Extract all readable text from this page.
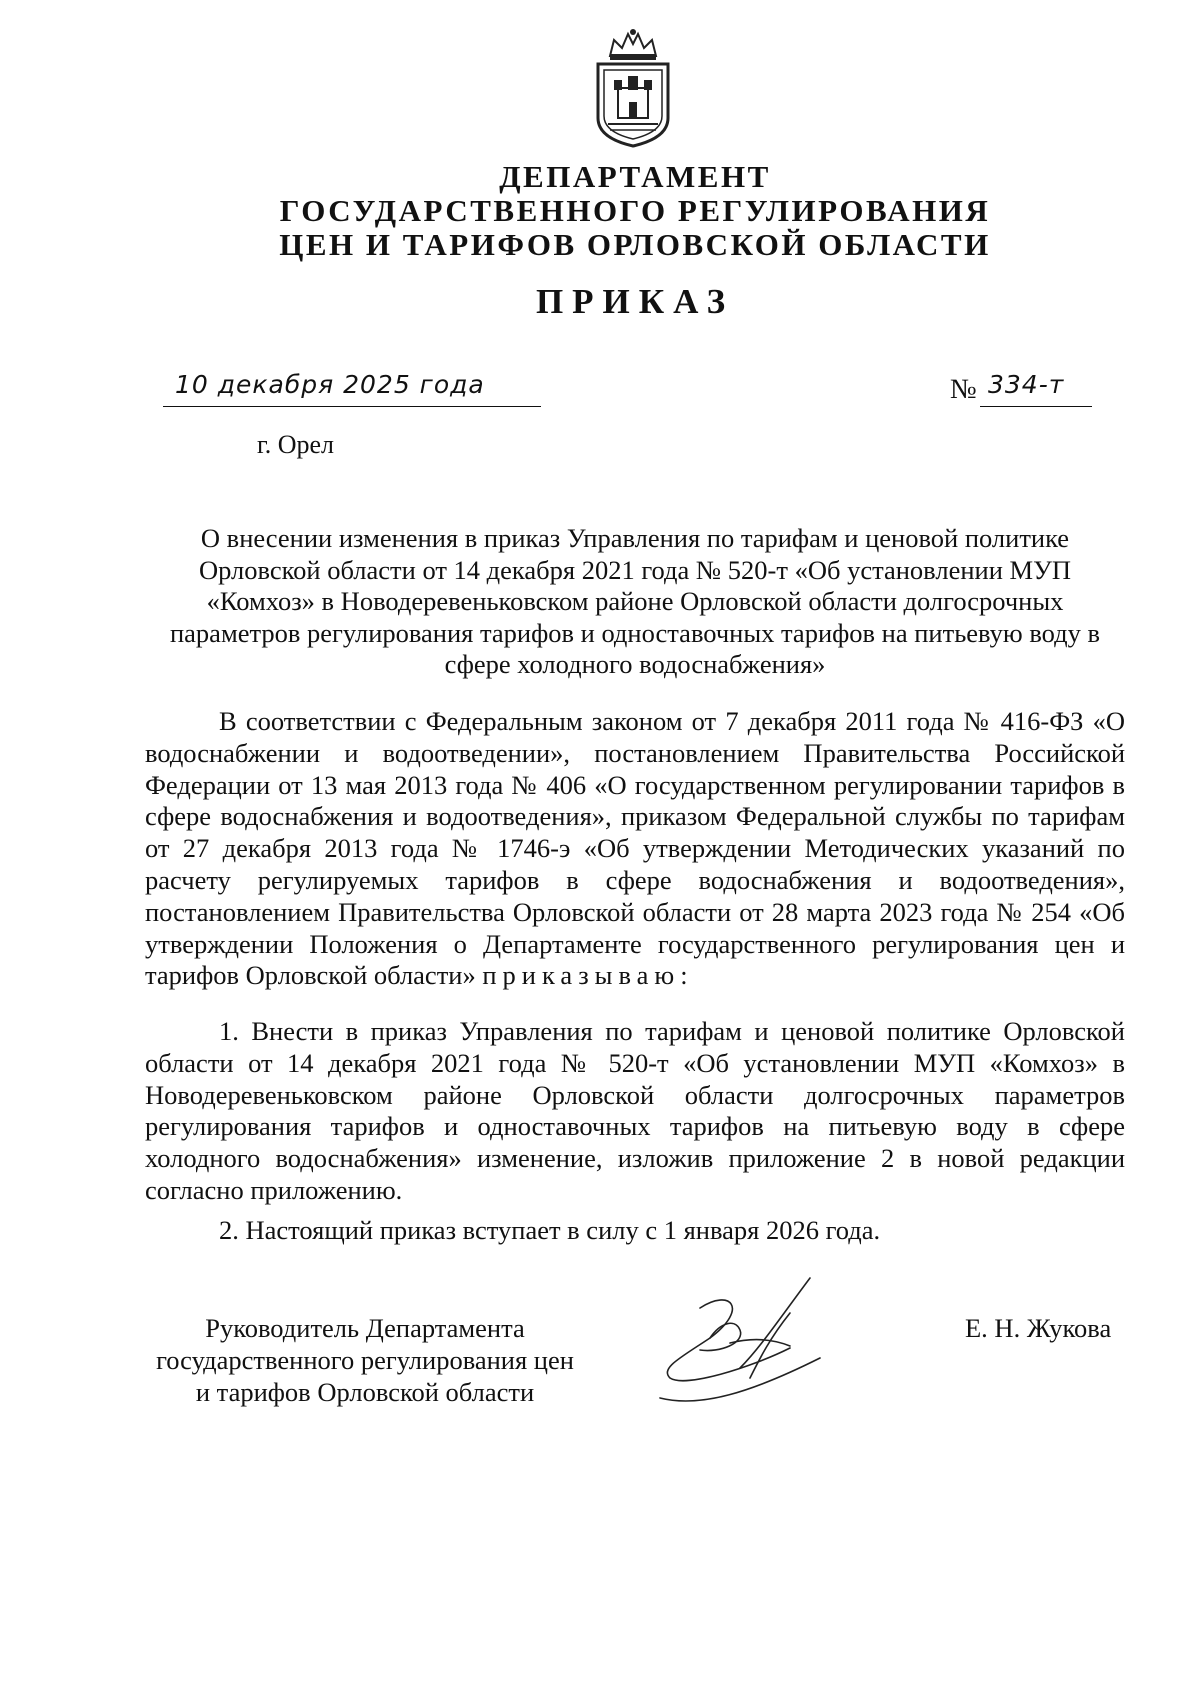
ДЕПАРТАМЕНТ
ГОСУДАРСТВЕННОГО РЕГУЛИРОВАНИЯ
ЦЕН И ТАРИФОВ ОРЛОВСКОЙ ОБЛАСТИ
ПРИКАЗ
10 декабря 2025 года	№ 334-т
г. Орел
О внесении изменения в приказ Управления по тарифам и ценовой политике Орловской области от 14 декабря 2021 года № 520-т «Об установлении МУП «Комхоз» в Новодеревеньковском районе Орловской области долгосрочных параметров регулирования тарифов и одноставочных тарифов на питьевую воду в сфере холодного водоснабжения»

В соответствии с Федеральным законом от 7 декабря 2011 года № 416-ФЗ «О водоснабжении и водоотведении», постановлением Правительства Российской Федерации от 13 мая 2013 года № 406 «О государственном регулировании тарифов в сфере водоснабжения и водоотведения», приказом Федеральной службы по тарифам от 27 декабря 2013 года № 1746-э «Об утверждении Методических указаний по расчету регулируемых тарифов в сфере водоснабжения и водоотведения», постановлением Правительства Орловской области от 28 марта 2023 года № 254 «Об утверждении Положения о Департаменте государственного регулирования цен и тарифов Орловской области» приказываю:

1. Внести в приказ Управления по тарифам и ценовой политике Орловской области от 14 декабря 2021 года № 520-т «Об установлении МУП «Комхоз» в Новодеревеньковском районе Орловской области долгосрочных параметров регулирования тарифов и одноставочных тарифов на питьевую воду в сфере холодного водоснабжения» изменение, изложив приложение 2 в новой редакции согласно приложению.

2. Настоящий приказ вступает в силу с 1 января 2026 года.

Руководитель Департамента
государственного регулирования цен
и тарифов Орловской области
Е. Н. Жукова
